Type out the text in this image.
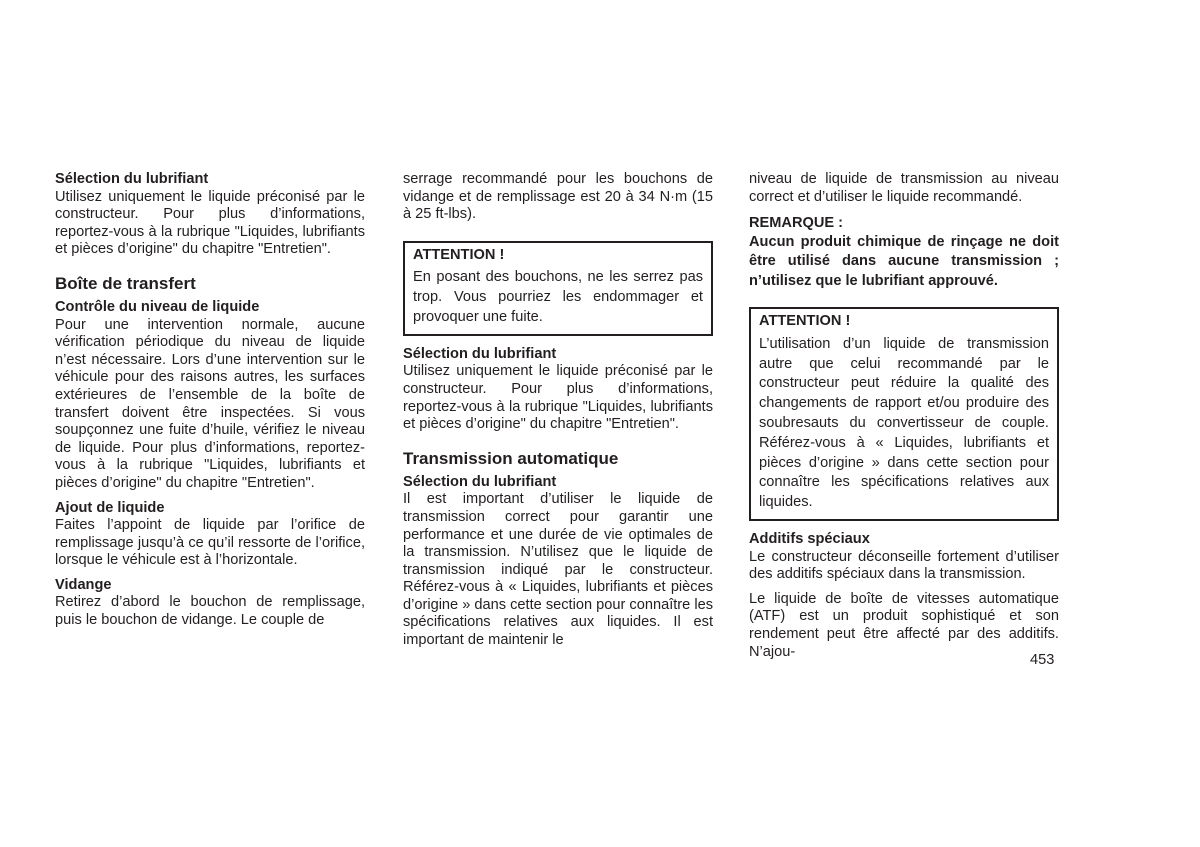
Sélection du lubrifiant

Utilisez uniquement le liquide préconisé par le constructeur. Pour plus d’informations, reportez-vous à la rubrique "Liquides, lubrifiants et pièces d’origine" du chapitre "Entretien".

Boîte de transfert

Contrôle du niveau de liquide

Pour une intervention normale, aucune vérification périodique du niveau de liquide n’est nécessaire. Lors d’une intervention sur le véhicule pour des raisons autres, les surfaces extérieures de l’ensemble de la boîte de transfert doivent être inspectées. Si vous soupçonnez une fuite d’huile, vérifiez le niveau de liquide. Pour plus d’informations, reportez-vous à la rubrique "Liquides, lubrifiants et pièces d’origine" du chapitre "Entretien".

Ajout de liquide

Faites l’appoint de liquide par l’orifice de remplissage jusqu’à ce qu’il ressorte de l’orifice, lorsque le véhicule est à l’horizontale.

Vidange

Retirez d’abord le bouchon de remplissage, puis le bouchon de vidange. Le couple de

serrage recommandé pour les bouchons de vidange et de remplissage est 20 à 34 N·m (15 à 25 ft-lbs).

ATTENTION !

En posant des bouchons, ne les serrez pas trop. Vous pourriez les endommager et provoquer une fuite.

Sélection du lubrifiant

Utilisez uniquement le liquide préconisé par le constructeur. Pour plus d’informations, reportez-vous à la rubrique "Liquides, lubrifiants et pièces d’origine" du chapitre "Entretien".

Transmission automatique

Sélection du lubrifiant

Il est important d’utiliser le liquide de transmission correct pour garantir une performance et une durée de vie optimales de la transmission. N’utilisez que le liquide de transmission indiqué par le constructeur. Référez-vous à « Liquides, lubrifiants et pièces d’origine » dans cette section pour connaître les spécifications relatives aux liquides. Il est important de maintenir le

niveau de liquide de transmission au niveau correct et d’utiliser le liquide recommandé.

REMARQUE :

Aucun produit chimique de rinçage ne doit être utilisé dans aucune transmission ; n’utilisez que le lubrifiant approuvé.

ATTENTION !

L’utilisation d’un liquide de transmission autre que celui recommandé par le constructeur peut réduire la qualité des changements de rapport et/ou produire des soubresauts du convertisseur de couple. Référez-vous à « Liquides, lubrifiants et pièces d’origine » dans cette section pour connaître les spécifications relatives aux liquides.

Additifs spéciaux

Le constructeur déconseille fortement d’utiliser des additifs spéciaux dans la transmission.

Le liquide de boîte de vitesses automatique (ATF) est un produit sophistiqué et son rendement peut être affecté par des additifs. N’ajou-

453
